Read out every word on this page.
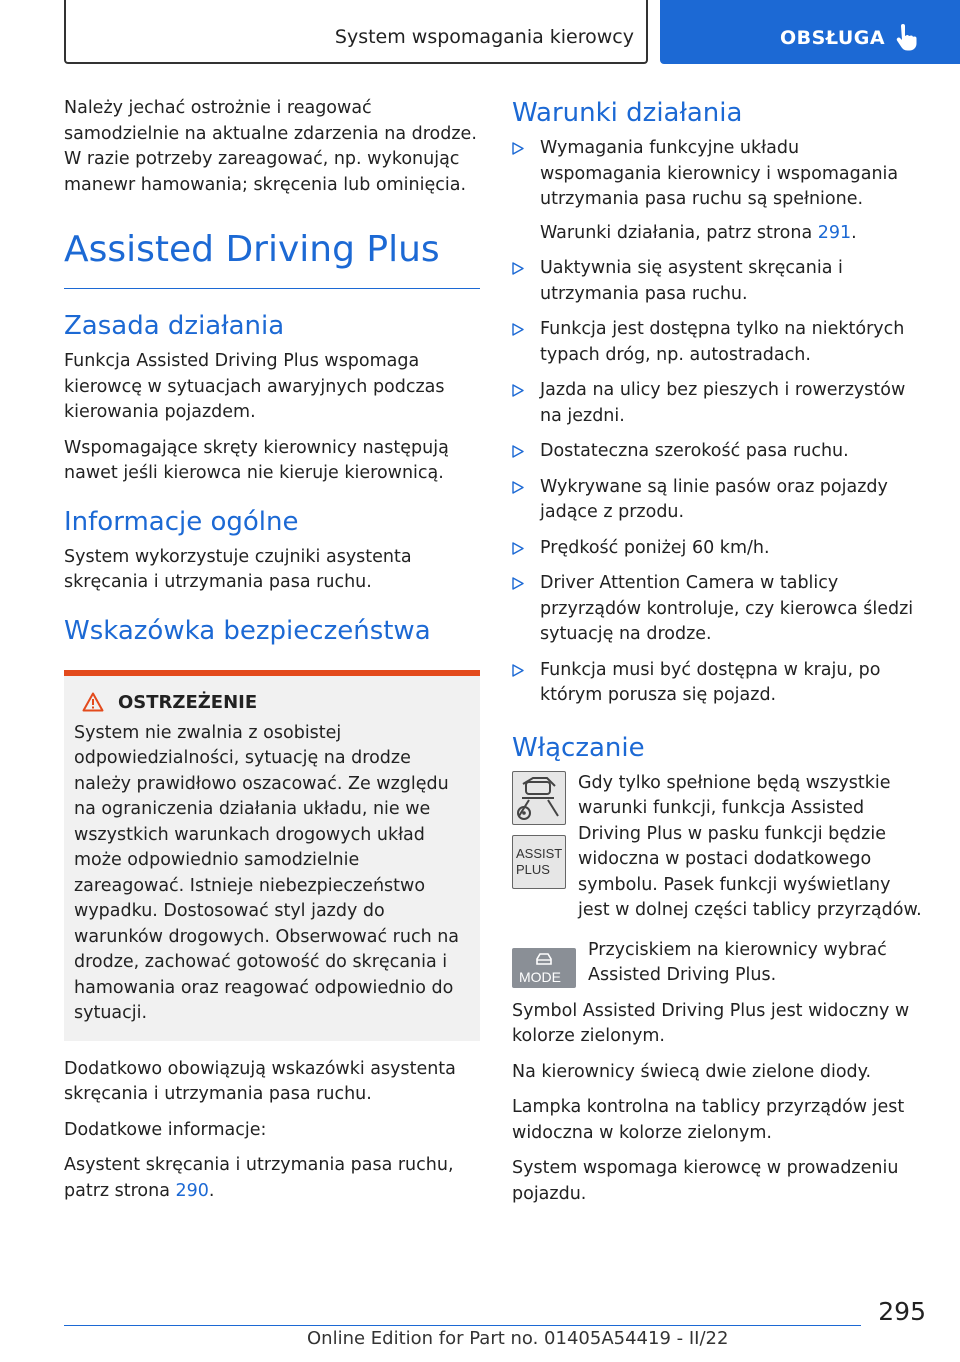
System wspomagania kierowcy	OBSŁUGA

Należy jechać ostrożnie i reagować samodzielnie na aktualne zdarzenia na drodze. W razie potrzeby zareagować, np. wykonując manewr hamowania; skręcenia lub ominięcia.

Assisted Driving Plus
Zasada działania

Funkcja Assisted Driving Plus wspomaga kierowcę w sytuacjach awaryjnych podczas kierowania pojazdem.

Wspomagające skręty kierownicy następują nawet jeśli kierowca nie kieruje kierownicą.

Informacje ogólne

System wykorzystuje czujniki asystenta skręcania i utrzymania pasa ruchu.

Wskazówka bezpieczeństwa
OSTRZEŻENIE

System nie zwalnia z osobistej odpowiedzialności, sytuację na drodze należy prawidłowo oszacować. Ze względu na ograniczenia działania układu, nie we wszystkich warunkach drogowych układ może odpowiednio samodzielnie zareagować. Istnieje niebezpieczeństwo wypadku. Dostosować styl jazdy do warunków drogowych. Obserwować ruch na drodze, zachować gotowość do skręcania i hamowania oraz reagować odpowiednio do sytuacji.

Dodatkowo obowiązują wskazówki asystenta skręcania i utrzymania pasa ruchu.

Dodatkowe informacje:

Asystent skręcania i utrzymania pasa ruchu, patrz strona 290.

Warunki działania
Wymagania funkcyjne układu wspomagania kierownicy i wspomagania utrzymania pasa ruchu są spełnione.
Warunki działania, patrz strona 291.
Uaktywnia się asystent skręcania i utrzymania pasa ruchu.
Funkcja jest dostępna tylko na niektórych typach dróg, np. autostradach.
Jazda na ulicy bez pieszych i rowerzystów na jezdni.
Dostateczna szerokość pasa ruchu.
Wykrywane są linie pasów oraz pojazdy jadące z przodu.
Prędkość poniżej 60 km/h.
Driver Attention Camera w tablicy przyrządów kontroluje, czy kierowca śledzi sytuację na drodze.
Funkcja musi być dostępna w kraju, po którym porusza się pojazd.
Włączanie
ASSIST
PLUS

Gdy tylko spełnione będą wszystkie warunki funkcji, funkcja Assisted Driving Plus w pasku funkcji będzie widoczna w postaci dodatkowego symbolu. Pasek funkcji wyświetlany jest w dolnej części tablicy przyrządów.

MODE

Przyciskiem na kierownicy wybrać Assisted Driving Plus.

Symbol Assisted Driving Plus jest widoczny w kolorze zielonym.

Na kierownicy świecą dwie zielone diody.

Lampka kontrolna na tablicy przyrządów jest widoczna w kolorze zielonym.

System wspomaga kierowcę w prowadzeniu pojazdu.

295
Online Edition for Part no. 01405A54419 - II/22
